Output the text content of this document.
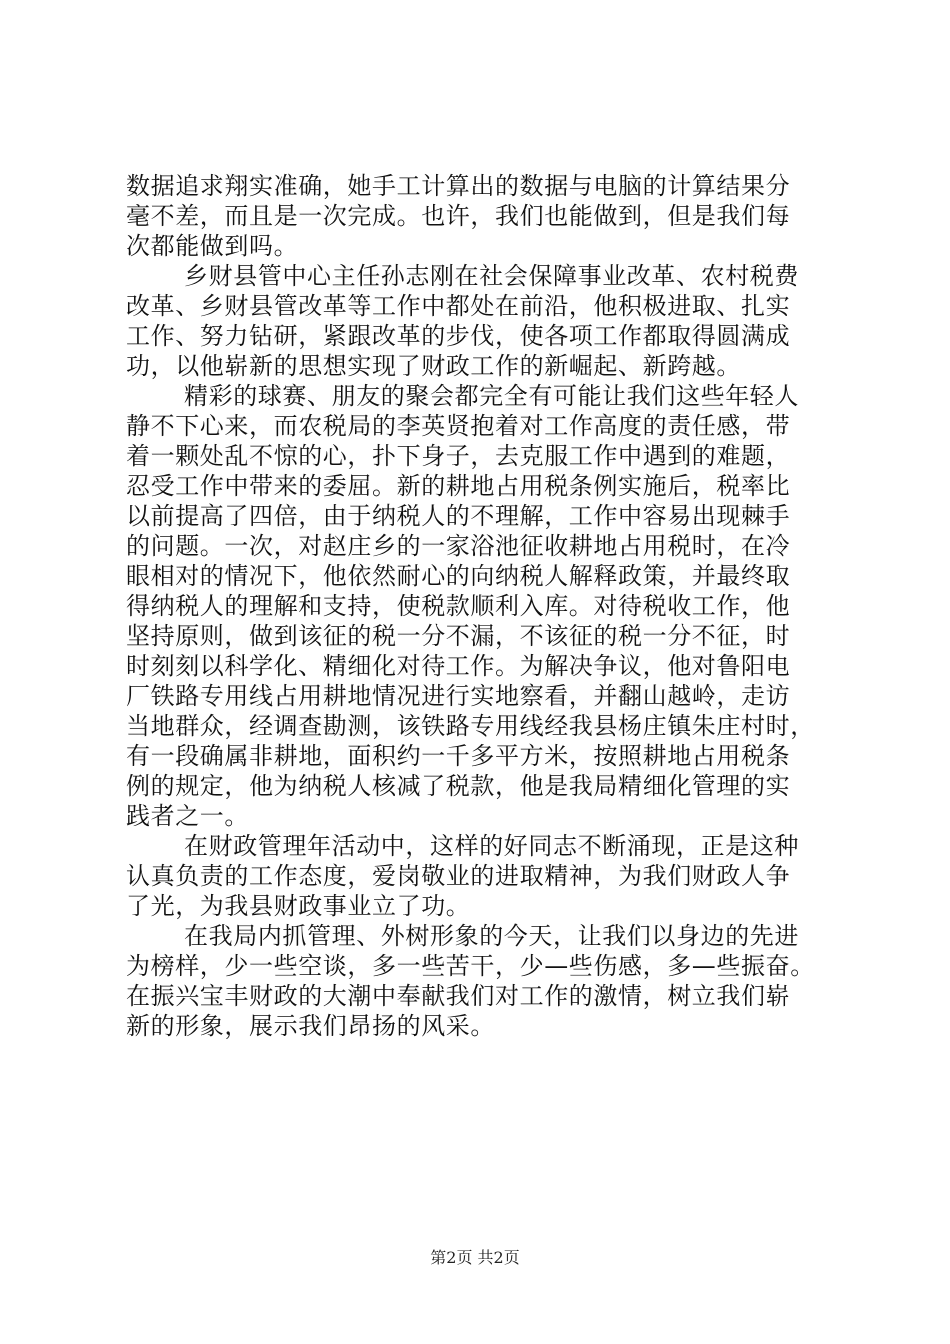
数据追求翔实准确，她手工计算出的数据与电脑的计算结果分
毫不差，而且是一次完成。也许，我们也能做到，但是我们每
次都能做到吗。
乡财县管中心主任孙志刚在社会保障事业改革、农村税费
改革、乡财县管改革等工作中都处在前沿，他积极进取、扎实
工作、努力钻研，紧跟改革的步伐，使各项工作都取得圆满成
功，以他崭新的思想实现了财政工作的新崛起、新跨越。
精彩的球赛、朋友的聚会都完全有可能让我们这些年轻人
静不下心来，而农税局的李英贤抱着对工作高度的责任感，带
着一颗处乱不惊的心，扑下身子，去克服工作中遇到的难题，
忍受工作中带来的委屈。新的耕地占用税条例实施后，税率比
以前提高了四倍，由于纳税人的不理解，工作中容易出现棘手
的问题。一次，对赵庄乡的一家浴池征收耕地占用税时，在冷
眼相对的情况下，他依然耐心的向纳税人解释政策，并最终取
得纳税人的理解和支持，使税款顺利入库。对待税收工作，他
坚持原则，做到该征的税一分不漏，不该征的税一分不征，时
时刻刻以科学化、精细化对待工作。为解决争议，他对鲁阳电
厂铁路专用线占用耕地情况进行实地察看，并翻山越岭，走访
当地群众，经调查勘测，该铁路专用线经我县杨庄镇朱庄村时，
有一段确属非耕地，面积约一千多平方米，按照耕地占用税条
例的规定，他为纳税人核减了税款，他是我局精细化管理的实
践者之一。
在财政管理年活动中，这样的好同志不断涌现，正是这种
认真负责的工作态度，爱岗敬业的进取精神，为我们财政人争
了光，为我县财政事业立了功。
在我局内抓管理、外树形象的今天，让我们以身边的先进
为榜样，少一些空谈，多一些苦干，少—些伤感，多—些振奋。
在振兴宝丰财政的大潮中奉献我们对工作的激情，树立我们崭
新的形象，展示我们昂扬的风采。
第2页 共2页
